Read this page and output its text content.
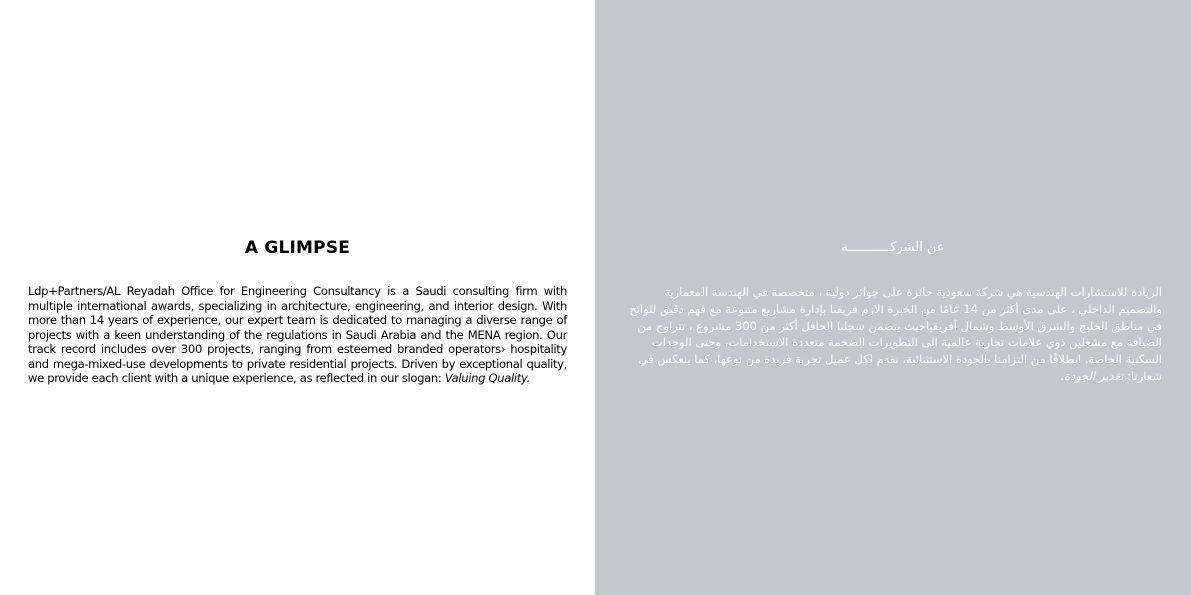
A GLIMPSE

Ldp+Partners/AL Reyadah Office for Engineering Consultancy is a Saudi consulting firm with multiple international awards, specializing in architecture, engineering, and interior design. With more than 14 years of experience, our expert team is dedicated to managing a diverse range of projects with a keen understanding of the regulations in Saudi Arabia and the MENA region. Our track record includes over 300 projects, ranging from esteemed branded operators› hospitality and mega-mixed-use developments to private residential projects. Driven by exceptional quality, we provide each client with a unique experience, as reflected in our slogan: Valuing Quality.

عن الشركـــــــــــة

الريادة للاستشارات الهندسية هي شركة سعودية حائزة على جوائز دولية ، متخصصة في الهندسة المعمارية والتصميم الداخلي ، على مدى أكثر من 14 عامًا من الخبرة الازم فريقنا بإدارة مشاريع متنوعة مع فهم دقيق للوائح في مناطق الخليج والشرق الأوسط وشمال أفريقياحيث يتضمن سجلنا الحافل أكثر من 300 مشروع ، تتراوح من الضيافة مع مشغلين ذوي علامات تجارية عالمية الى التطويرات الضخمة متعددة الاستخدامات، وحتى الوحدات السكنية الخاصة. انطلاقًا من التزامنا بالجودة الاستثنائية، نقدم لكل عميل تجربة فريدة من نوعها، كما ينعكس في شعارنا: تقدير الجودة.
